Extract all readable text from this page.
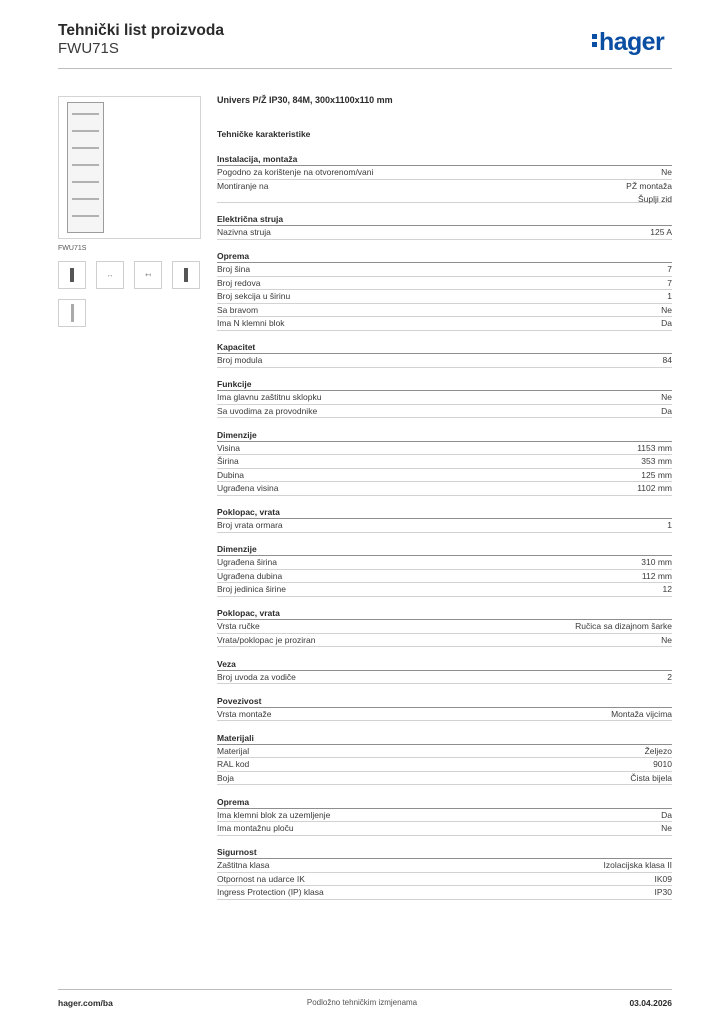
Tehnički list proizvoda
FWU71S	hager
FWU71S
↔	↤
Univers P/Ž IP30, 84M, 300x1100x110 mm
Tehničke karakteristike
Instalacija, montaža
Pogodno za korištenje na otvorenom/vani	Ne
Montiranje na	PŽ montaža
Šuplji zid
Električna struja
Nazivna struja	125 A
Oprema
Broj šina	7
Broj redova	7
Broj sekcija u širinu	1
Sa bravom	Ne
Ima N klemni blok	Da
Kapacitet
Broj modula	84
Funkcije
Ima glavnu zaštitnu sklopku	Ne
Sa uvodima za provodnike	Da
Dimenzije
Visina	1153 mm
Širina	353 mm
Dubina	125 mm
Ugrađena visina	1102 mm
Poklopac, vrata
Broj vrata ormara	1
Dimenzije
Ugrađena širina	310 mm
Ugrađena dubina	112 mm
Broj jedinica širine	12
Poklopac, vrata
Vrsta ručke	Ručica sa dizajnom šarke
Vrata/poklopac je proziran	Ne
Veza
Broj uvoda za vodiče	2
Povezivost
Vrsta montaže	Montaža vijcima
Materijali
Materijal	Željezo
RAL kod	9010
Boja	Čista bijela
Oprema
Ima klemni blok za uzemljenje	Da
Ima montažnu ploču	Ne
Sigurnost
Zaštitna klasa	Izolacijska klasa II
Otpornost na udarce IK	IK09
Ingress Protection (IP) klasa	IP30
hager.com/ba	Podložno tehničkim izmjenama	03.04.2026
